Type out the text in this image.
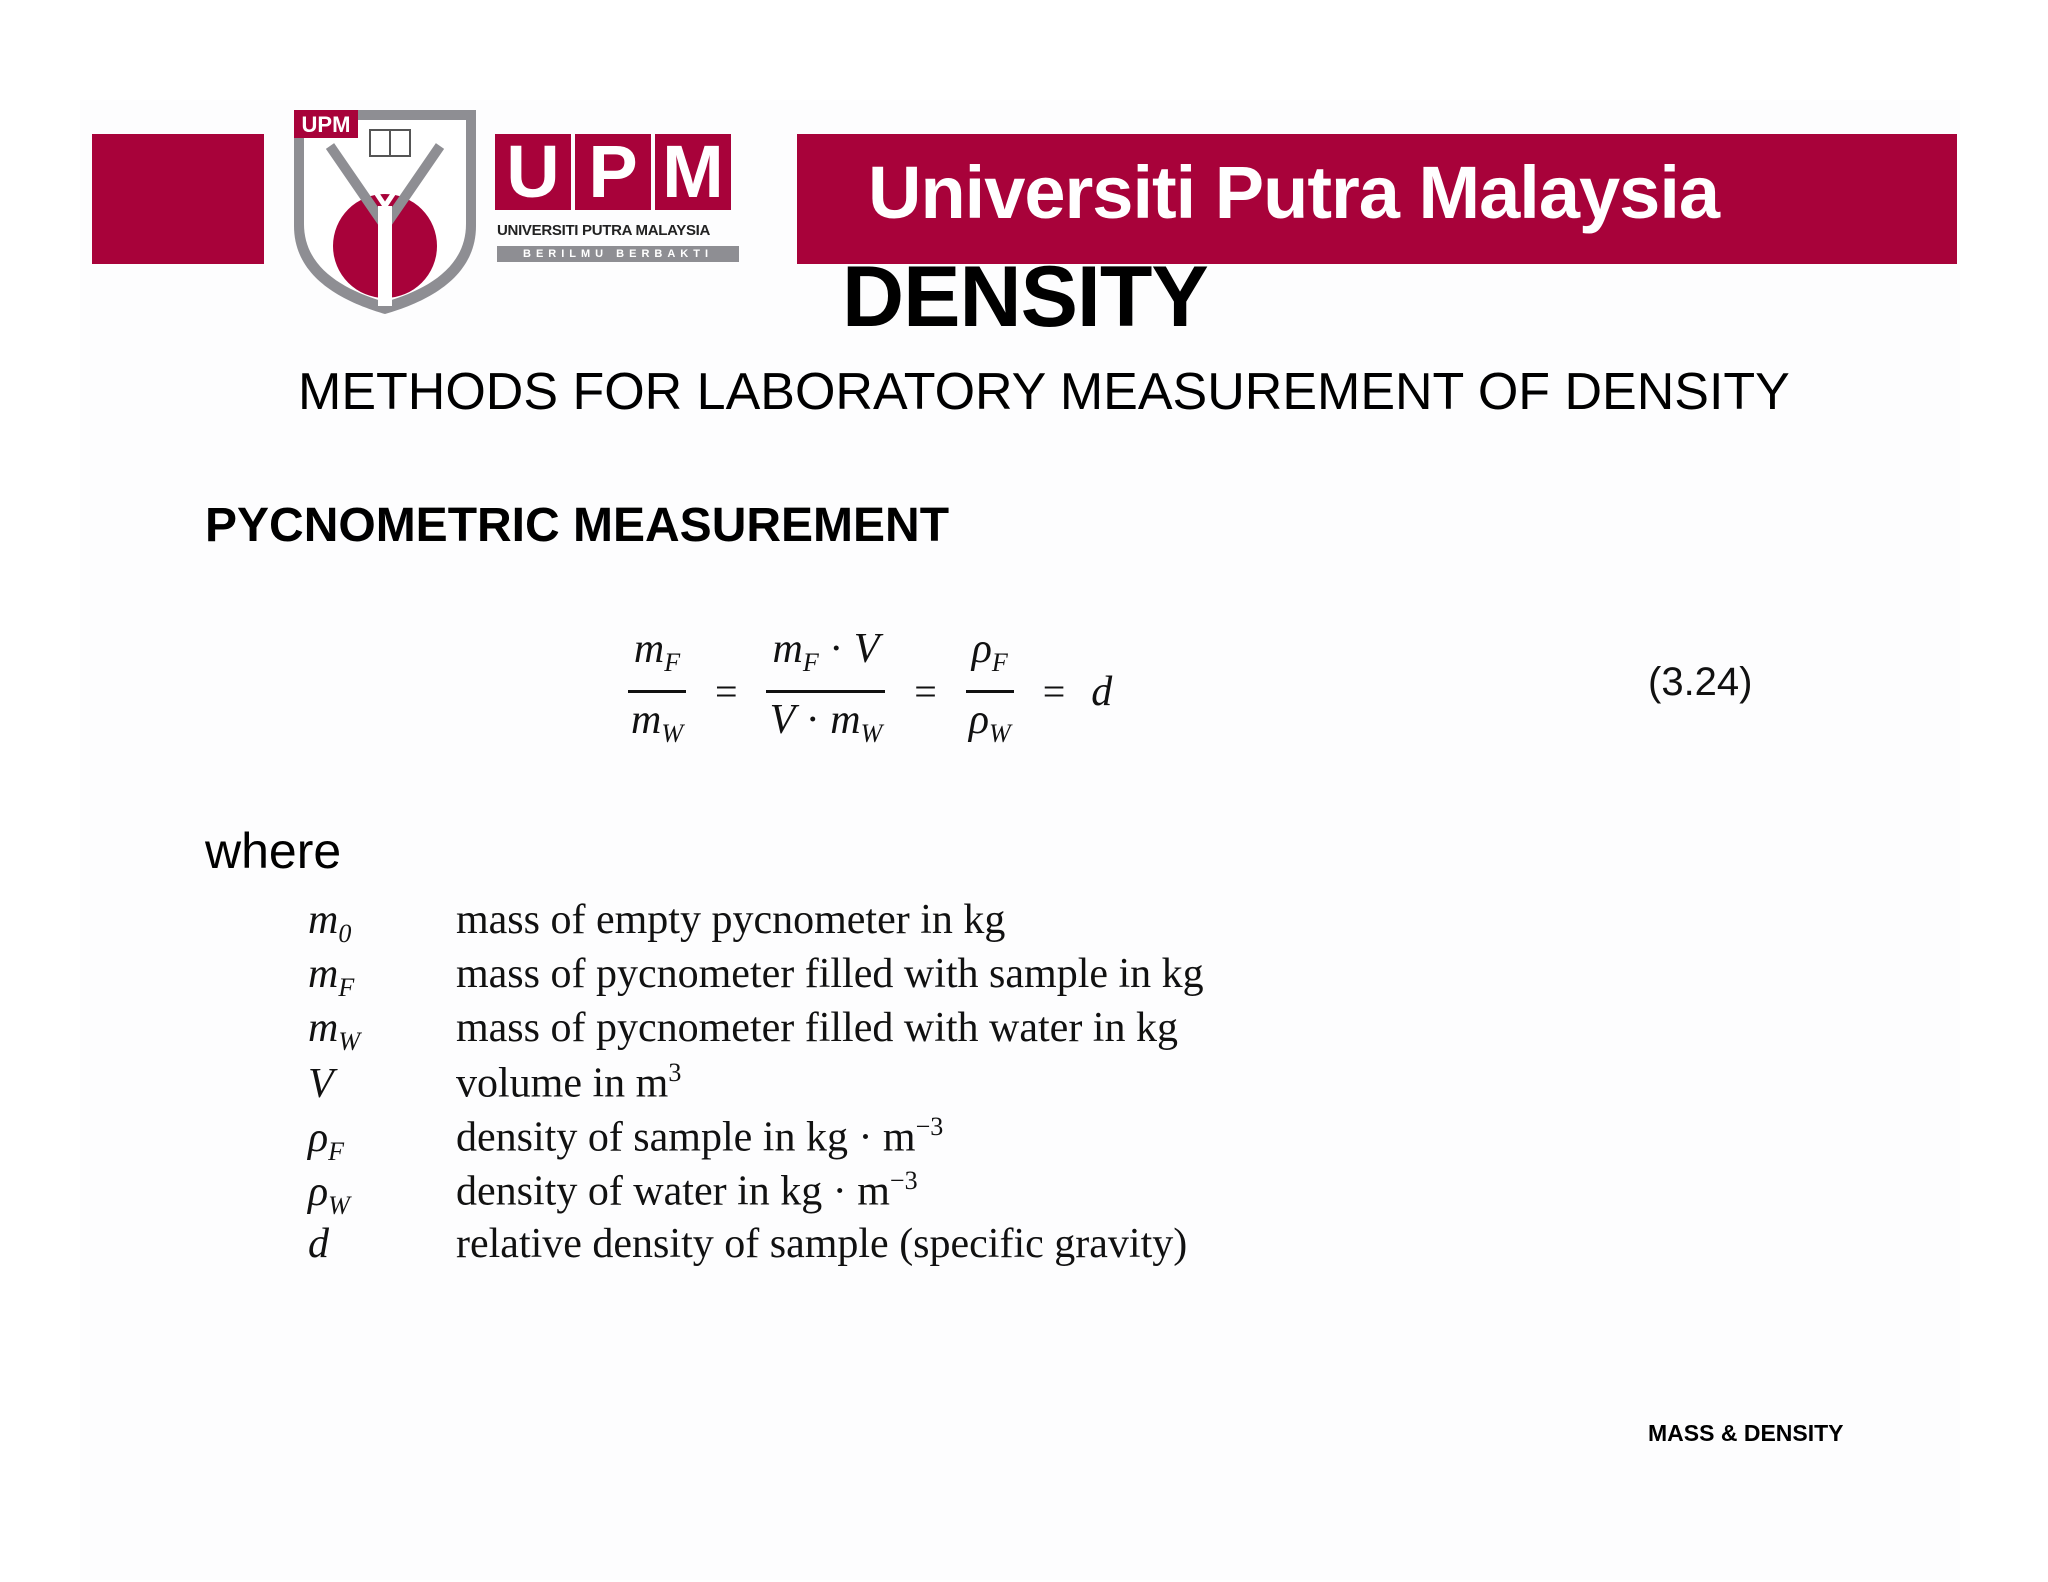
Universiti Putra Malaysia
UPM
U P M
UNIVERSITI PUTRA MALAYSIA
BERILMU BERBAKTI	DENSITY
METHODS FOR LABORATORY MEASUREMENT OF DENSITY
PYCNOMETRIC MEASUREMENT
$\frac{m_F}{m_W} = \frac{m_F \cdot V}{V \cdot m_W} = \frac{\rho_F}{\rho_W} = d$	(3.24)
where
$m_0$	mass of empty pycnometer in kg
$m_F$	mass of pycnometer filled with sample in kg
$m_W$	mass of pycnometer filled with water in kg
V	volume in $m^3$
$\rho_F$	density of sample in kg · $m^{-3}$
$\rho_W$	density of water in kg · $m^{-3}$
d	relative density of sample (specific gravity)
MASS & DENSITY
